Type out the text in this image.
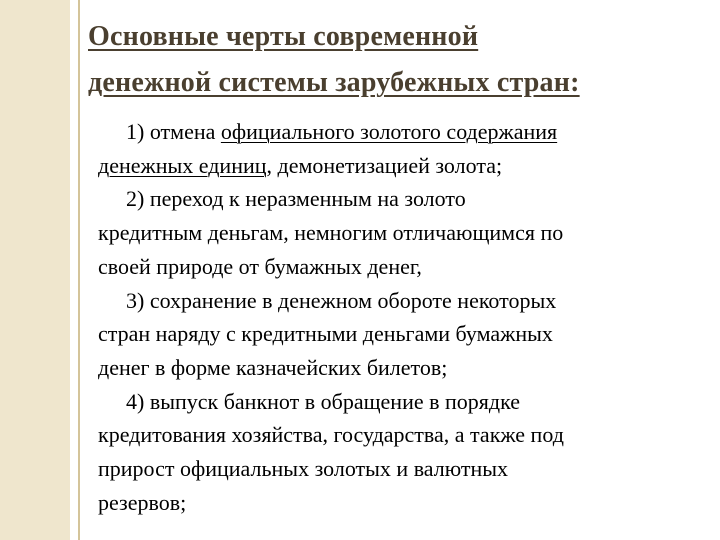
Основные черты современной
денежной системы зарубежных стран:
1) отмена официального золотого содержания
денежных единиц, демонетизацией золота;
2) переход к неразменным на золото
кредитным деньгам, немногим отличающимся по
своей природе от бумажных денег,
3) сохранение в денежном обороте некоторых
стран наряду с кредитными деньгами бумажных
денег в форме казначейских билетов;
4) выпуск банкнот в обращение в порядке
кредитования хозяйства, государства, а также под
прирост официальных золотых и валютных
резервов;
